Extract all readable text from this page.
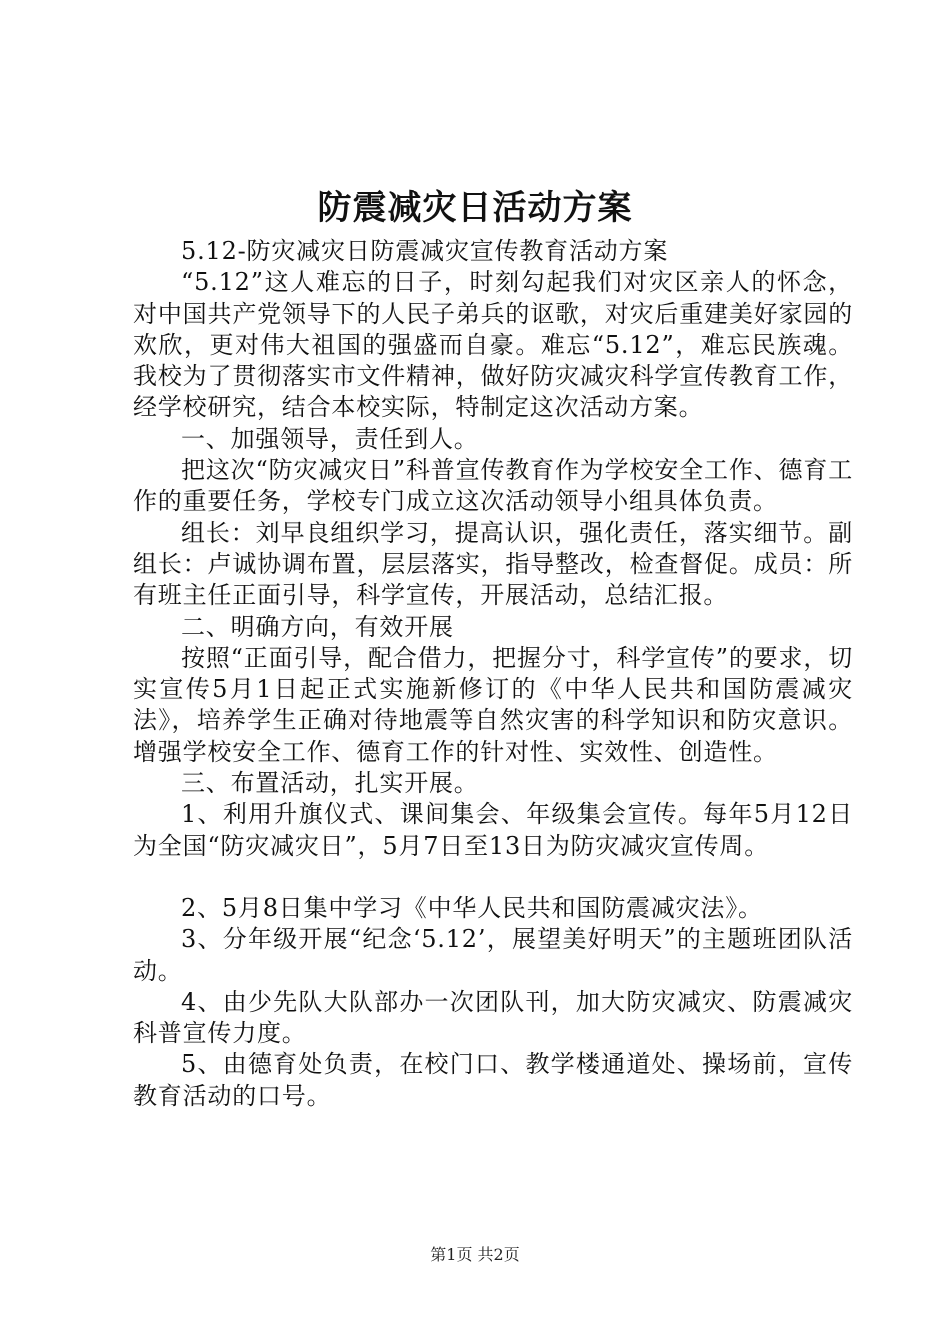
防震减灾日活动方案

5.12-防灾减灾日防震减灾宣传教育活动方案

“5.12”这人难忘的日子，时刻勾起我们对灾区亲人的怀念，对中国共产党领导下的人民子弟兵的讴歌，对灾后重建美好家园的欢欣，更对伟大祖国的强盛而自豪。难忘“5.12”，难忘民族魂。我校为了贯彻落实市文件精神，做好防灾减灾科学宣传教育工作，经学校研究，结合本校实际，特制定这次活动方案。

一、加强领导，责任到人。

把这次“防灾减灾日”科普宣传教育作为学校安全工作、德育工作的重要任务，学校专门成立这次活动领导小组具体负责。

组长：刘早良组织学习，提高认识，强化责任，落实细节。副组长：卢诚协调布置，层层落实，指导整改，检查督促。成员：所有班主任正面引导，科学宣传，开展活动，总结汇报。

二、明确方向，有效开展

按照“正面引导，配合借力，把握分寸，科学宣传”的要求，切实宣传5月1日起正式实施新修订的《中华人民共和国防震减灾法》，培养学生正确对待地震等自然灾害的科学知识和防灾意识。增强学校安全工作、德育工作的针对性、实效性、创造性。

三、布置活动，扎实开展。

1、利用升旗仪式、课间集会、年级集会宣传。每年5月12日为全国“防灾减灾日”，5月7日至13日为防灾减灾宣传周。

2、5月8日集中学习《中华人民共和国防震减灾法》。

3、分年级开展“纪念‘5.12’，展望美好明天”的主题班团队活动。

4、由少先队大队部办一次团队刊，加大防灾减灾、防震减灾科普宣传力度。

5、由德育处负责，在校门口、教学楼通道处、操场前，宣传教育活动的口号。

第1页 共2页
